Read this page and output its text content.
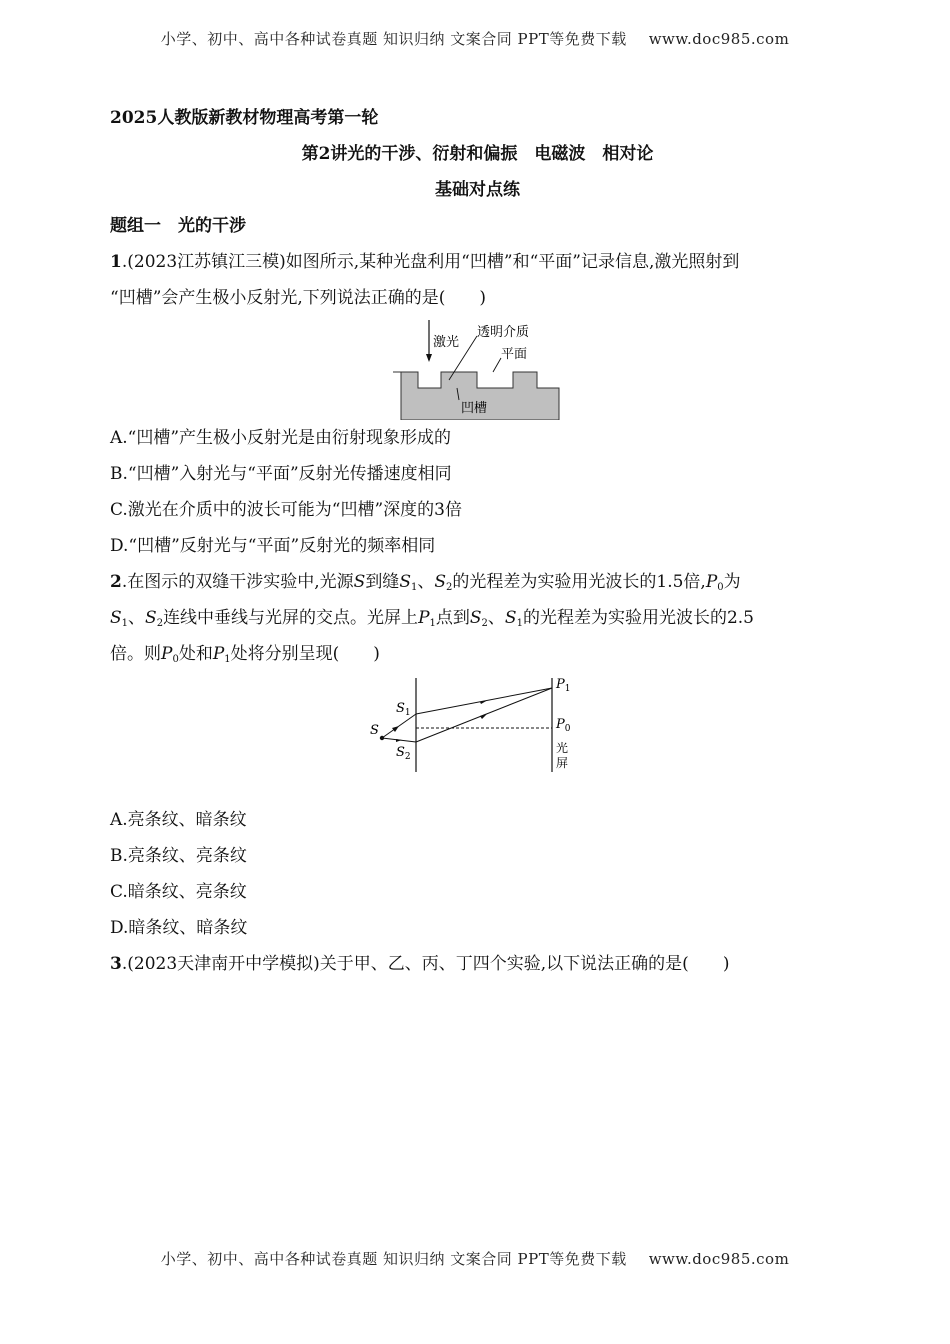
小学、初中、高中各种试卷真题 知识归纳 文案合同 PPT等免费下载 www.doc985.com
2025人教版新教材物理高考第一轮
第2讲光的干涉、衍射和偏振　电磁波　相对论
基础对点练
题组一　光的干涉
1.(2023江苏镇江三模)如图所示,某种光盘利用“凹槽”和“平面”记录信息,激光照射到
“凹槽”会产生极小反射光,下列说法正确的是(　　)
激光
透明介质
平面
凹槽
A.“凹槽”产生极小反射光是由衍射现象形成的
B.“凹槽”入射光与“平面”反射光传播速度相同
C.激光在介质中的波长可能为“凹槽”深度的3倍
D.“凹槽”反射光与“平面”反射光的频率相同
2.在图示的双缝干涉实验中,光源S到缝$S_1$、$S_2$的光程差为实验用光波长的1.5倍$,P_0$为
$S_1$、$S_2$连线中垂线与光屏的交点。光屏上$P_1$点到$S_2$、$S_1$的光程差为实验用光波长的2.5
倍。则$P_0$处和$P_1$处将分别呈现(　　)
S
$S_1$
$S_2$
$P_1$
$P_0$
光
屏
A.亮条纹、暗条纹
B.亮条纹、亮条纹
C.暗条纹、亮条纹
D.暗条纹、暗条纹
3.(2023天津南开中学模拟)关于甲、乙、丙、丁四个实验,以下说法正确的是(　　)
小学、初中、高中各种试卷真题 知识归纳 文案合同 PPT等免费下载 www.doc985.com
